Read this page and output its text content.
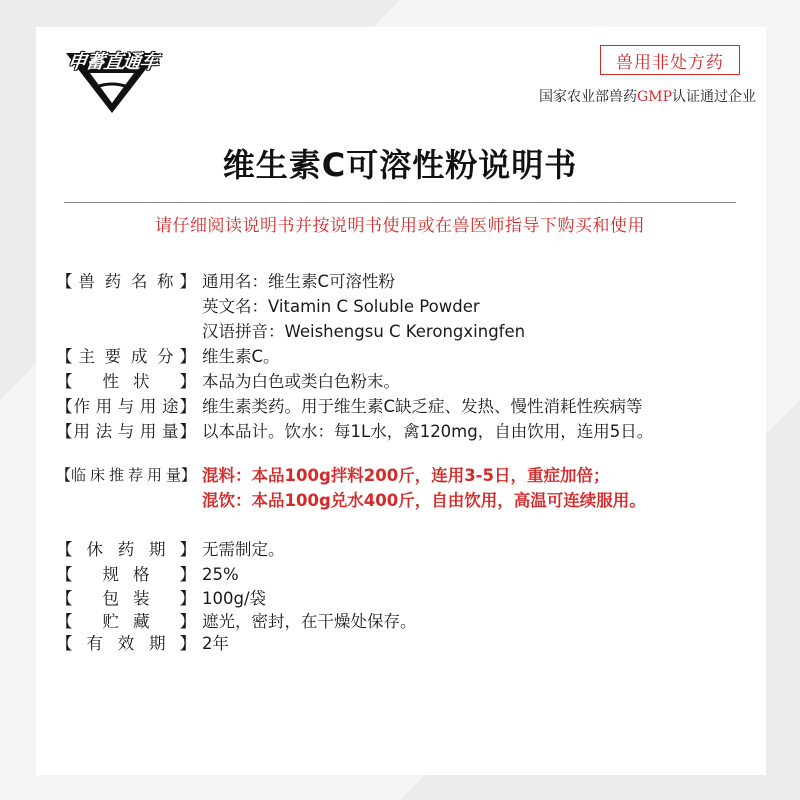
申蓄直通车	兽用非处方药
国家农业部兽药GMP认证通过企业
维生素C可溶性粉说明书
请仔细阅读说明书并按说明书使用或在兽医师指导下购买和使用
【 兽 药 名 称 】 通用名：维生素C可溶性粉
英文名：Vitamin C Soluble Powder
汉语拼音：Weishengsu C Kerongxingfen
【 主 要 成 分 】 维生素C。
【 性 状 】 本品为白色或类白色粉末。
【 作 用 与 用 途 】 维生素类药。用于维生素C缺乏症、发热、慢性消耗性疾病等
【 用 法 与 用 量 】 以本品计。饮水：每1L水，禽120mg，自由饮用，连用5日。
【 临 床 推 荐 用 量 】 混料：本品100g拌料200斤，连用3-5日，重症加倍；
混饮：本品100g兑水400斤，自由饮用，高温可连续服用。
【 休 药 期 】 无需制定。
【 规 格 】 25%
【 包 装 】 100g/袋
【 贮 藏 】 遮光，密封，在干燥处保存。
【 有 效 期 】 2年
